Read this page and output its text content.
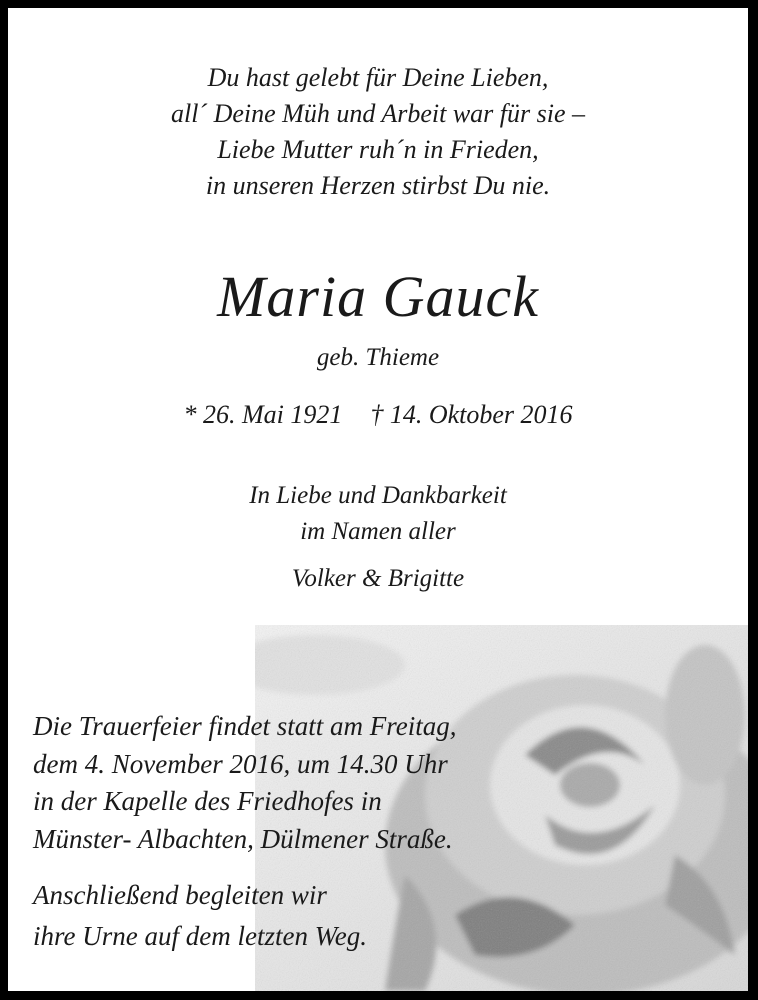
Du hast gelebt für Deine Lieben,
all´ Deine Müh und Arbeit war für sie –
Liebe Mutter ruh´n in Frieden,
in unseren Herzen stirbst Du nie.
Maria Gauck
geb. Thieme
* 26. Mai 1921 † 14. Oktober 2016
In Liebe und Dankbarkeit
im Namen aller
Volker & Brigitte
Die Trauerfeier findet statt am Freitag,
dem 4. November 2016, um 14.30 Uhr
in der Kapelle des Friedhofes in
Münster- Albachten, Dülmener Straße.
Anschließend begleiten wir
ihre Urne auf dem letzten Weg.
